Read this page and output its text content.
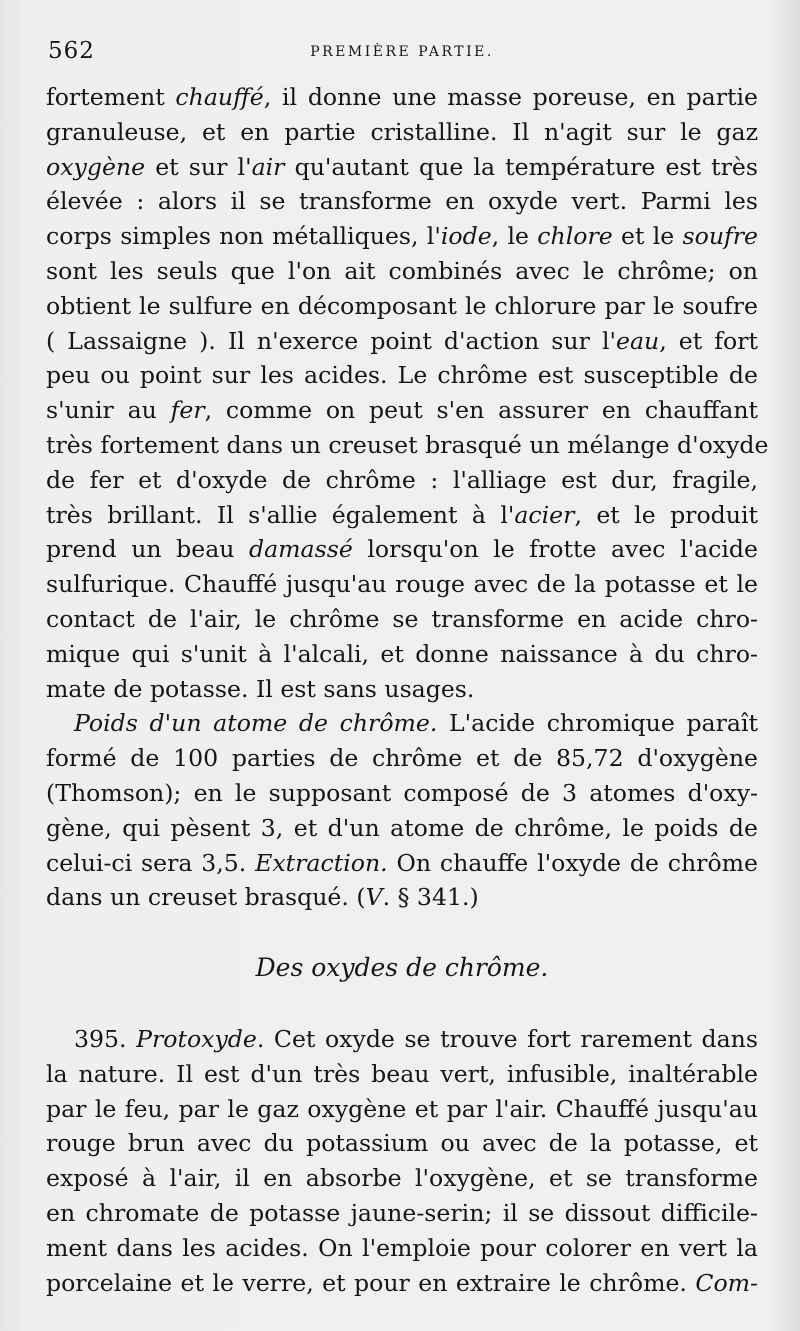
562	PREMIÈRE PARTIE.
fortement chauffé, il donne une masse poreuse, en partie
granuleuse, et en partie cristalline. Il n'agit sur le gaz
oxygène et sur l'air qu'autant que la température est très
élevée : alors il se transforme en oxyde vert. Parmi les
corps simples non métalliques, l'iode, le chlore et le soufre
sont les seuls que l'on ait combinés avec le chrôme; on
obtient le sulfure en décomposant le chlorure par le soufre
( Lassaigne ). Il n'exerce point d'action sur l'eau, et fort
peu ou point sur les acides. Le chrôme est susceptible de
s'unir au fer, comme on peut s'en assurer en chauffant
très fortement dans un creuset brasqué un mélange d'oxyde
de fer et d'oxyde de chrôme : l'alliage est dur, fragile,
très brillant. Il s'allie également à l'acier, et le produit
prend un beau damassé lorsqu'on le frotte avec l'acide
sulfurique. Chauffé jusqu'au rouge avec de la potasse et le
contact de l'air, le chrôme se transforme en acide chro-
mique qui s'unit à l'alcali, et donne naissance à du chro-
mate de potasse. Il est sans usages.
Poids d'un atome de chrôme. L'acide chromique paraît
formé de 100 parties de chrôme et de 85,72 d'oxygène
(Thomson); en le supposant composé de 3 atomes d'oxy-
gène, qui pèsent 3, et d'un atome de chrôme, le poids de
celui-ci sera 3,5. Extraction. On chauffe l'oxyde de chrôme
dans un creuset brasqué. (V. § 341.)
Des oxydes de chrôme.
395. Protoxyde. Cet oxyde se trouve fort rarement dans
la nature. Il est d'un très beau vert, infusible, inaltérable
par le feu, par le gaz oxygène et par l'air. Chauffé jusqu'au
rouge brun avec du potassium ou avec de la potasse, et
exposé à l'air, il en absorbe l'oxygène, et se transforme
en chromate de potasse jaune-serin; il se dissout difficile-
ment dans les acides. On l'emploie pour colorer en vert la
porcelaine et le verre, et pour en extraire le chrôme. Com-
